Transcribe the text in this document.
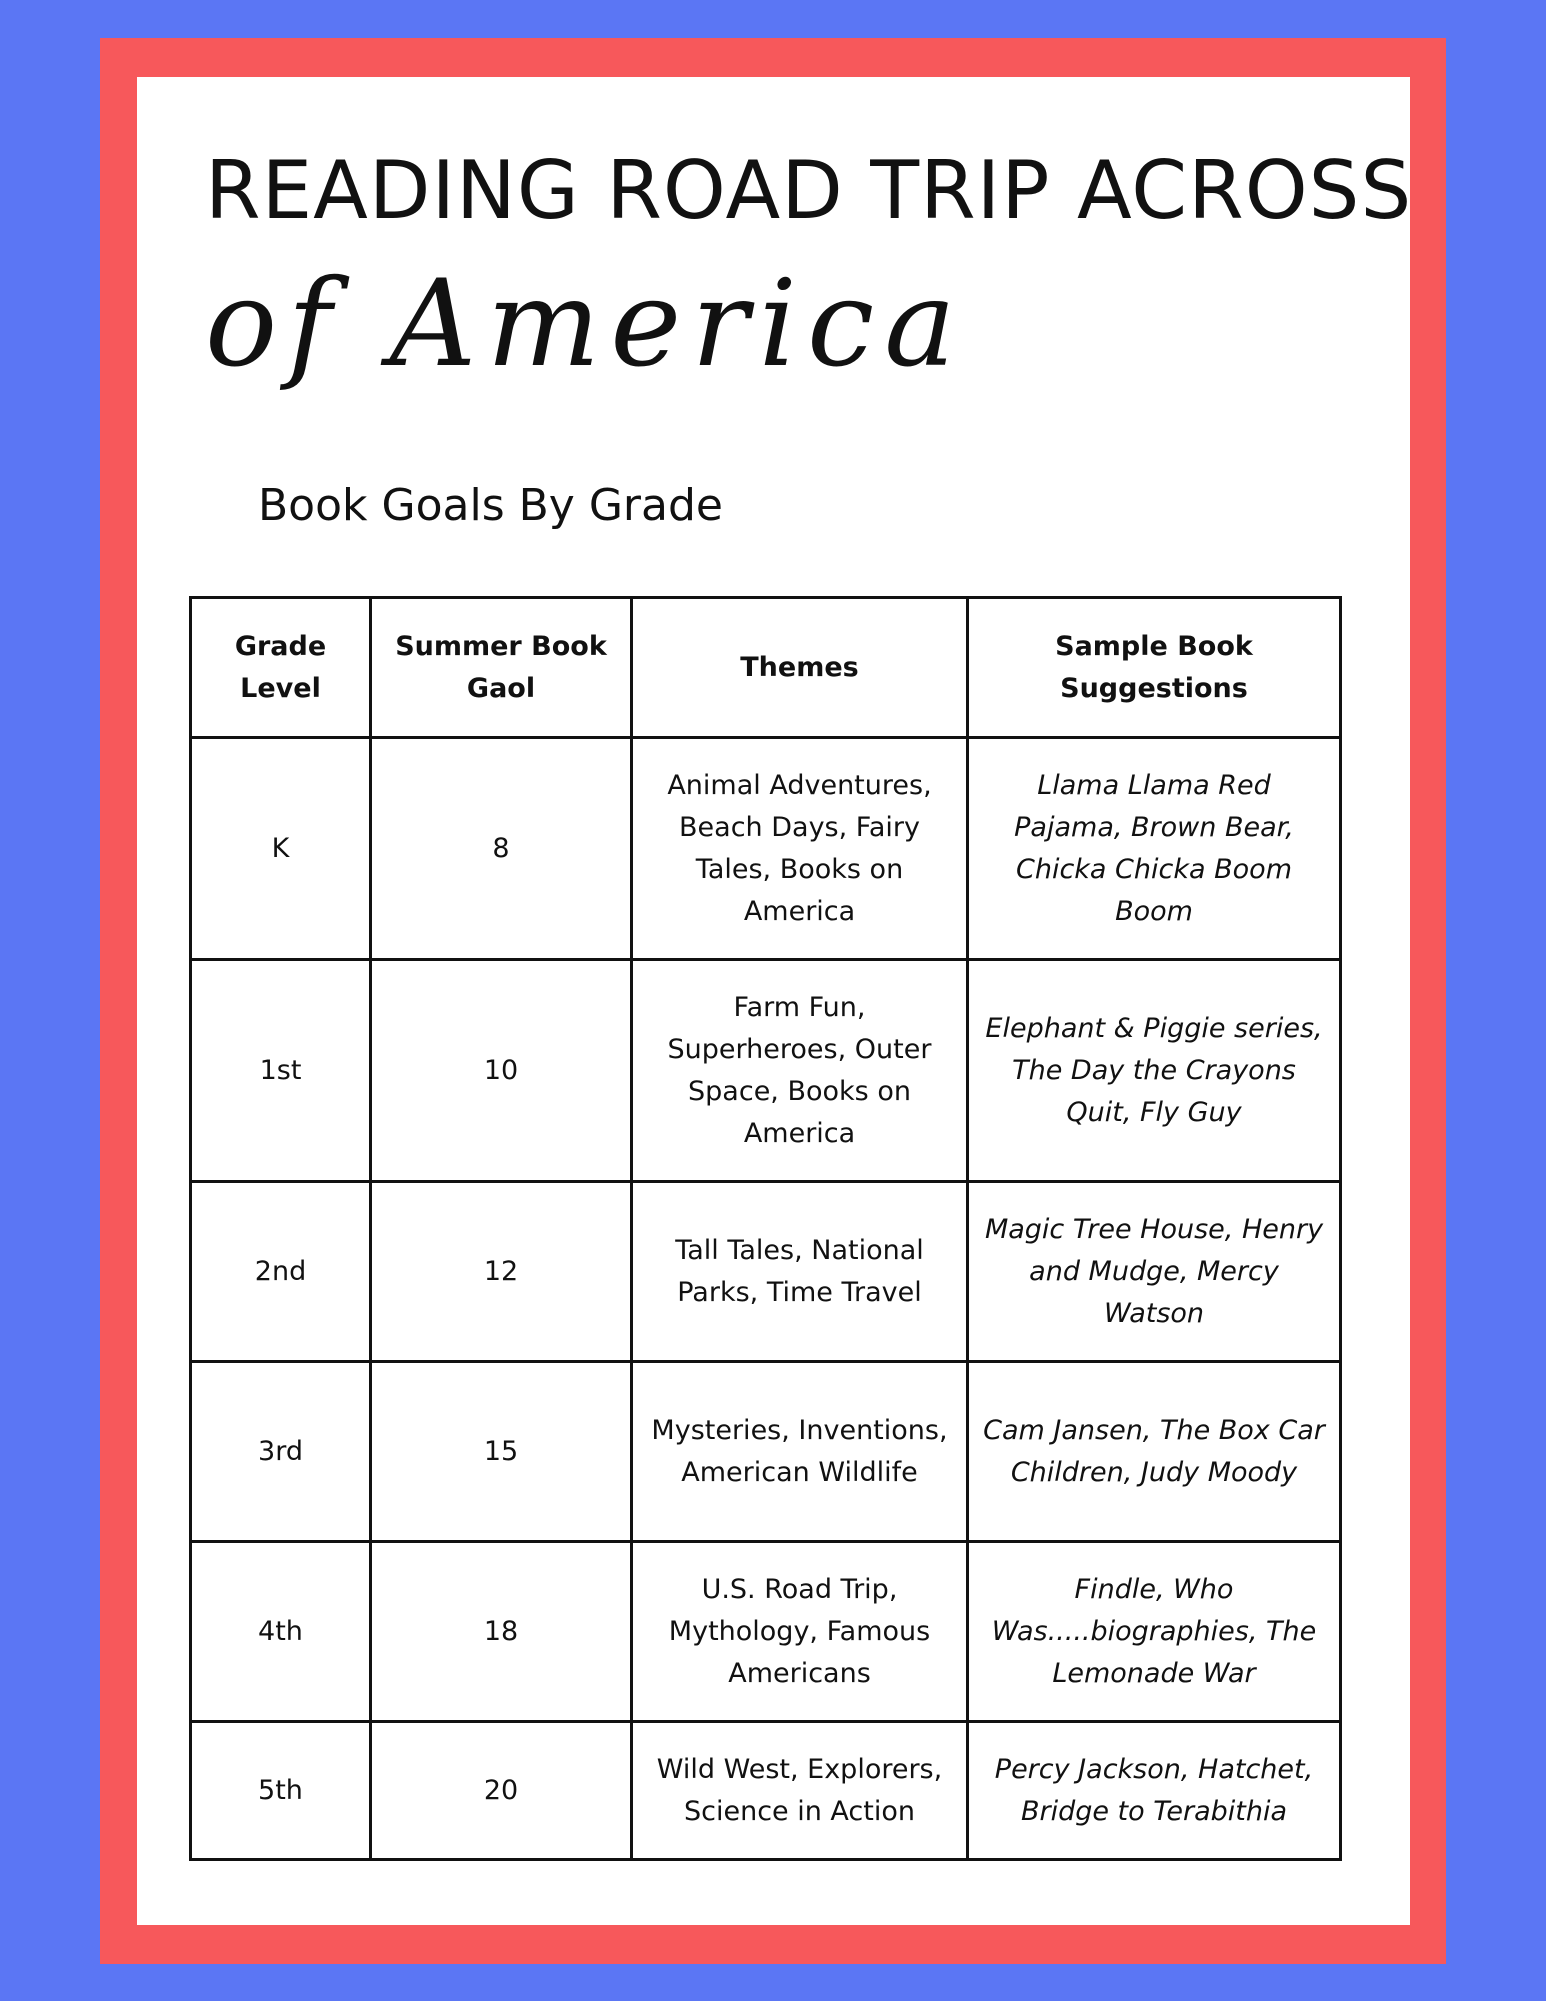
READING ROAD TRIP ACROSS
of America
Book Goals By Grade
Grade Level	Summer Book Gaol	Themes	Sample Book Suggestions
K	8	Animal Adventures, Beach Days, Fairy Tales, Books on America	Llama Llama Red Pajama, Brown Bear, Chicka Chicka Boom Boom
1st	10	Farm Fun, Superheroes, Outer Space, Books on America	Elephant & Piggie series, The Day the Crayons Quit, Fly Guy
2nd	12	Tall Tales, National Parks, Time Travel	Magic Tree House, Henry and Mudge, Mercy Watson
3rd	15	Mysteries, Inventions, American Wildlife	Cam Jansen, The Box Car Children, Judy Moody
4th	18	U.S. Road Trip, Mythology, Famous Americans	Findle, Who Was.....biographies, The Lemonade War
5th	20	Wild West, Explorers, Science in Action	Percy Jackson, Hatchet, Bridge to Terabithia
